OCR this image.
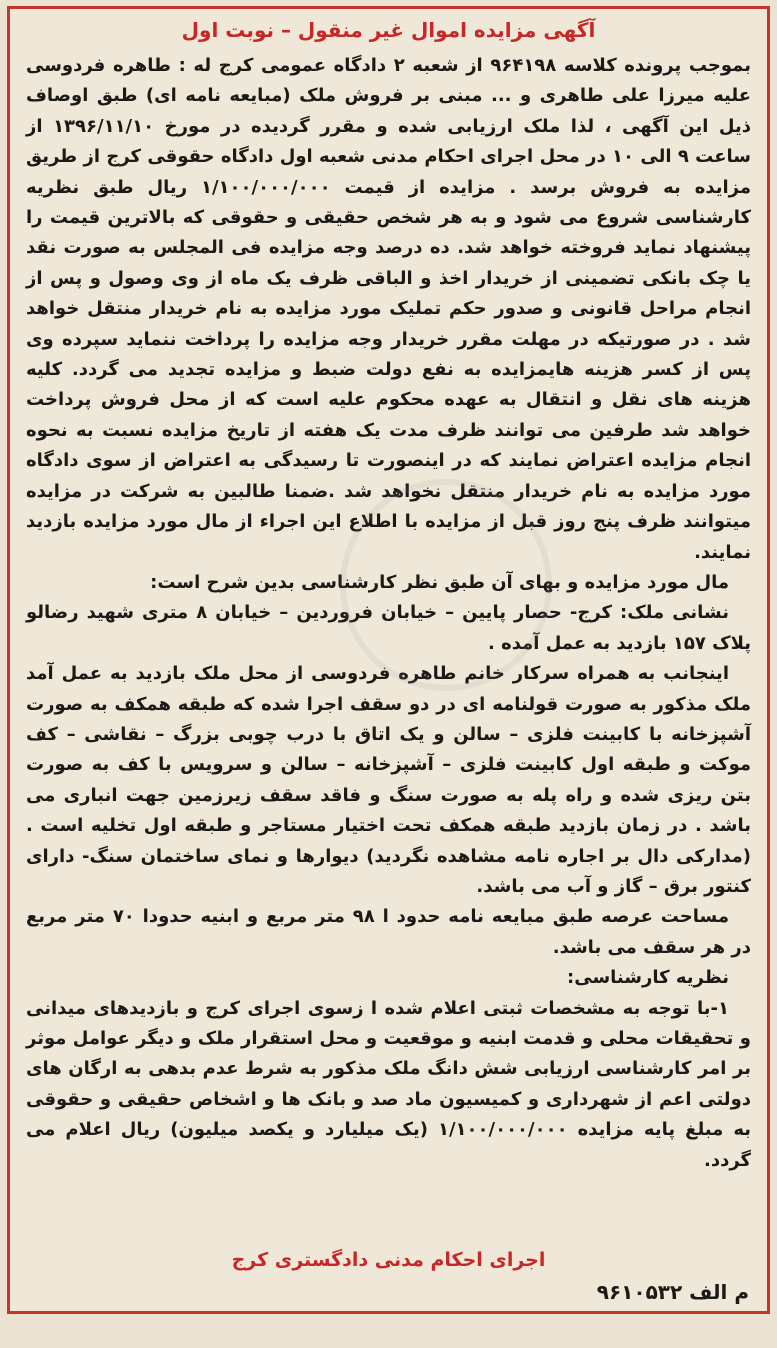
آگهی مزایده اموال غیر منقول – نوبت اول

بموجب پرونده کلاسه ۹۶۴۱۹۸ از شعبه ۲ دادگاه عمومی کرج له : طاهره فردوسی علیه میرزا علی طاهری و ... مبنی بر فروش ملک (مبایعه نامه ای) طبق اوصاف ذیل این آگهی ، لذا ملک ارزیابی شده و مقرر گردیده در مورخ ۱۳۹۶/۱۱/۱۰ از ساعت ۹ الی ۱۰ در محل اجرای احکام مدنی شعبه اول دادگاه حقوقی کرج از طریق مزایده به فروش برسد . مزایده از قیمت ۱/۱۰۰/۰۰۰/۰۰۰ ریال طبق نظریه کارشناسی شروع می شود و به هر شخص حقیقی و حقوقی که بالاترین قیمت را پیشنهاد نماید فروخته خواهد شد. ده درصد وجه مزایده فی المجلس به صورت نقد یا چک بانکی تضمینی از خریدار اخذ و الباقی ظرف یک ماه از وی وصول و پس از انجام مراحل قانونی و صدور حکم تملیک مورد مزایده به نام خریدار منتقل خواهد شد . در صورتیکه در مهلت مقرر خریدار وجه مزایده را پرداخت ننماید سپرده وی پس از کسر هزینه هایمزایده به نفع دولت ضبط و مزایده تجدید می گردد. کلیه هزینه های نقل و انتقال به عهده محکوم علیه است که از محل فروش پرداخت خواهد شد طرفین می توانند ظرف مدت یک هفته از تاریخ مزایده نسبت به نحوه انجام مزایده اعتراض نمایند که در اینصورت تا رسیدگی به اعتراض از سوی دادگاه مورد مزایده به نام خریدار منتقل نخواهد شد .ضمنا طالبین به شرکت در مزایده میتوانند ظرف پنج روز قبل از مزایده با اطلاع این اجراء از مال مورد مزایده بازدید نمایند.

مال مورد مزایده و بهای آن طبق نظر کارشناسی بدین شرح است:

نشانی ملک: کرج- حصار پایین – خیابان فروردین – خیابان ۸ متری شهید رضالو پلاک ۱۵۷ بازدید به عمل آمده .

اینجانب به همراه سرکار خانم طاهره فردوسی از محل ملک بازدید به عمل آمد ملک مذکور به صورت قولنامه ای در دو سقف اجرا شده که طبقه همکف به صورت آشپزخانه با کابینت فلزی – سالن و یک اتاق با درب چوبی بزرگ – نقاشی – کف موکت و طبقه اول کابینت فلزی – آشپزخانه – سالن و سرویس با کف به صورت بتن ریزی شده و راه پله به صورت سنگ و فاقد سقف زیرزمین جهت انباری می باشد . در زمان بازدید طبقه همکف تحت اختیار مستاجر و طبقه اول تخلیه است . (مدارکی دال بر اجاره نامه مشاهده نگردید) دیوارها و نمای ساختمان سنگ- دارای کنتور برق – گاز و آب می باشد.

مساحت عرصه طبق مبایعه نامه حدود ا ۹۸ متر مربع و ابنیه حدودا ۷۰ متر مربع در هر سقف می باشد.

نظریه کارشناسی:

۱-با توجه به مشخصات ثبتی اعلام شده ا زسوی اجرای کرج و بازدیدهای میدانی و تحقیقات محلی و قدمت ابنیه و موقعیت و محل استقرار ملک و دیگر عوامل موثر بر امر کارشناسی ارزیابی شش دانگ ملک مذکور به شرط عدم بدهی به ارگان های دولتی اعم از شهرداری و کمیسیون ماد صد و بانک ها و اشخاص حقیقی و حقوقی به مبلغ پایه مزایده ۱/۱۰۰/۰۰۰/۰۰۰ (یک میلیارد و یکصد میلیون) ریال اعلام می گردد.

اجرای احکام مدنی دادگستری کرج
م الف ۹۶۱۰۵۳۲
